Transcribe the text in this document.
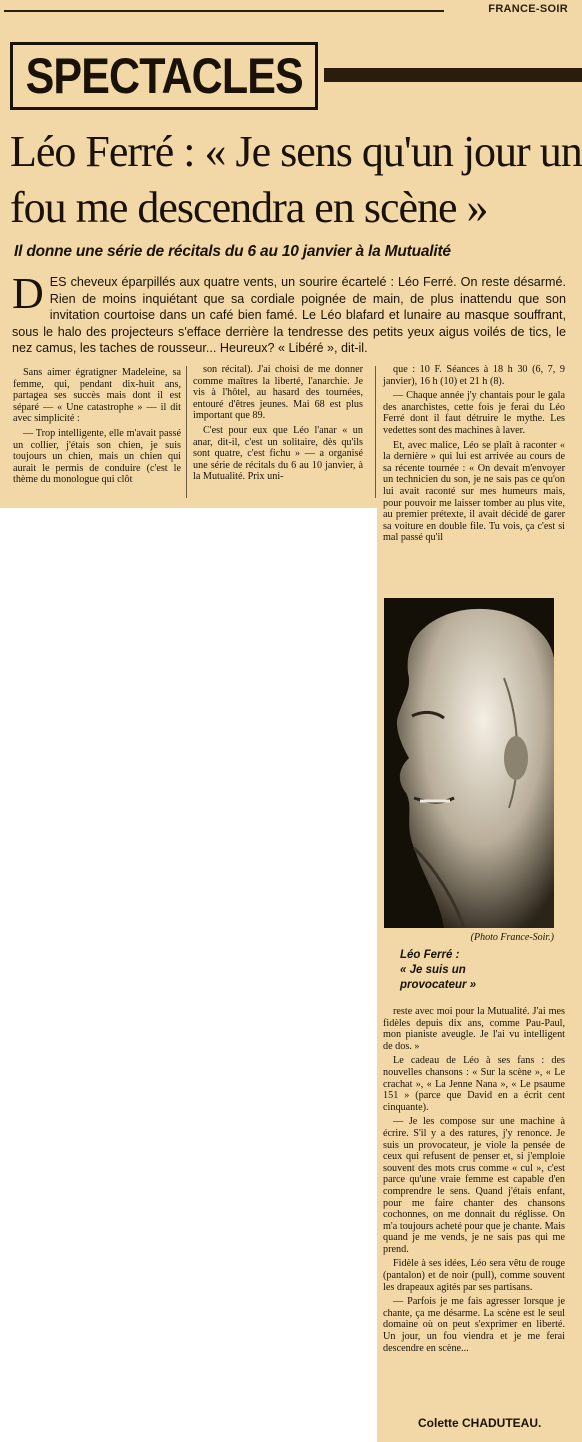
FRANCE-SOIR
SPECTACLES
Léo Ferré : « Je sens qu'un jour un fou me descendra en scène »
Il donne une série de récitals du 6 au 10 janvier à la Mutualité

DES cheveux éparpillés aux quatre vents, un sourire écartelé : Léo Ferré. On reste désarmé. Rien de moins inquiétant que sa cordiale poignée de main, de plus inattendu que son invitation courtoise dans un café bien famé. Le Léo blafard et lunaire au masque souffrant, sous le halo des projecteurs s'efface derrière la tendresse des petits yeux aigus voilés de tics, le nez camus, les taches de rousseur... Heureux? « Libéré », dit-il.

Sans aimer égratigner Madeleine, sa femme, qui, pendant dix-huit ans, partagea ses succès mais dont il est séparé — « Une catastrophe » — il dit avec simplicité :

— Trop intelligente, elle m'avait passé un collier, j'étais son chien, je suis toujours un chien, mais un chien qui aurait le permis de conduire (c'est le thème du monologue qui clôt

son récital). J'ai choisi de me donner comme maîtres la liberté, l'anarchie. Je vis à l'hôtel, au hasard des tournées, entouré d'êtres jeunes. Mai 68 est plus important que 89.

C'est pour eux que Léo l'anar « un anar, dit-il, c'est un solitaire, dès qu'ils sont quatre, c'est fichu » — a organisé une série de récitals du 6 au 10 janvier, à la Mutualité. Prix uni-

que : 10 F. Séances à 18 h 30 (6, 7, 9 janvier), 16 h (10) et 21 h (8).

— Chaque année j'y chantais pour le gala des anarchistes, cette fois je ferai du Léo Ferré dont il faut détruire le mythe. Les vedettes sont des machines à laver.

Et, avec malice, Léo se plaît à raconter « la dernière » qui lui est arrivée au cours de sa récente tournée : « On devait m'envoyer un technicien du son, je ne sais pas ce qu'on lui avait raconté sur mes humeurs mais, pour pouvoir me laisser tomber au plus vite, au premier prétexte, il avait décidé de garer sa voiture en double file. Tu vois, ça c'est si mal passé qu'il

(Photo France-Soir.)
Léo Ferré :
« Je suis un
provocateur »

reste avec moi pour la Mutualité. J'ai mes fidèles depuis dix ans, comme Pau-Paul, mon pianiste aveugle. Je l'ai vu intelligent de dos. »

Le cadeau de Léo à ses fans : des nouvelles chansons : « Sur la scène », « Le crachat », « La Jenne Nana », « Le psaume 151 » (parce que David en a écrit cent cinquante).

— Je les compose sur une machine à écrire. S'il y a des ratures, j'y renonce. Je suis un provocateur, je viole la pensée de ceux qui refusent de penser et, si j'emploie souvent des mots crus comme « cul », c'est parce qu'une vraie femme est capable d'en comprendre le sens. Quand j'étais enfant, pour me faire chanter des chansons cochonnes, on me donnait du réglisse. On m'a toujours acheté pour que je chante. Mais quand je me vends, je ne sais pas qui me prend.

Fidèle à ses idées, Léo sera vêtu de rouge (pantalon) et de noir (pull), comme souvent les drapeaux agités par ses partisans.

— Parfois je me fais agresser lorsque je chante, ça me désarme. La scène est le seul domaine où on peut s'exprimer en liberté. Un jour, un fou viendra et je me ferai descendre en scène...

Colette CHADUTEAU.
